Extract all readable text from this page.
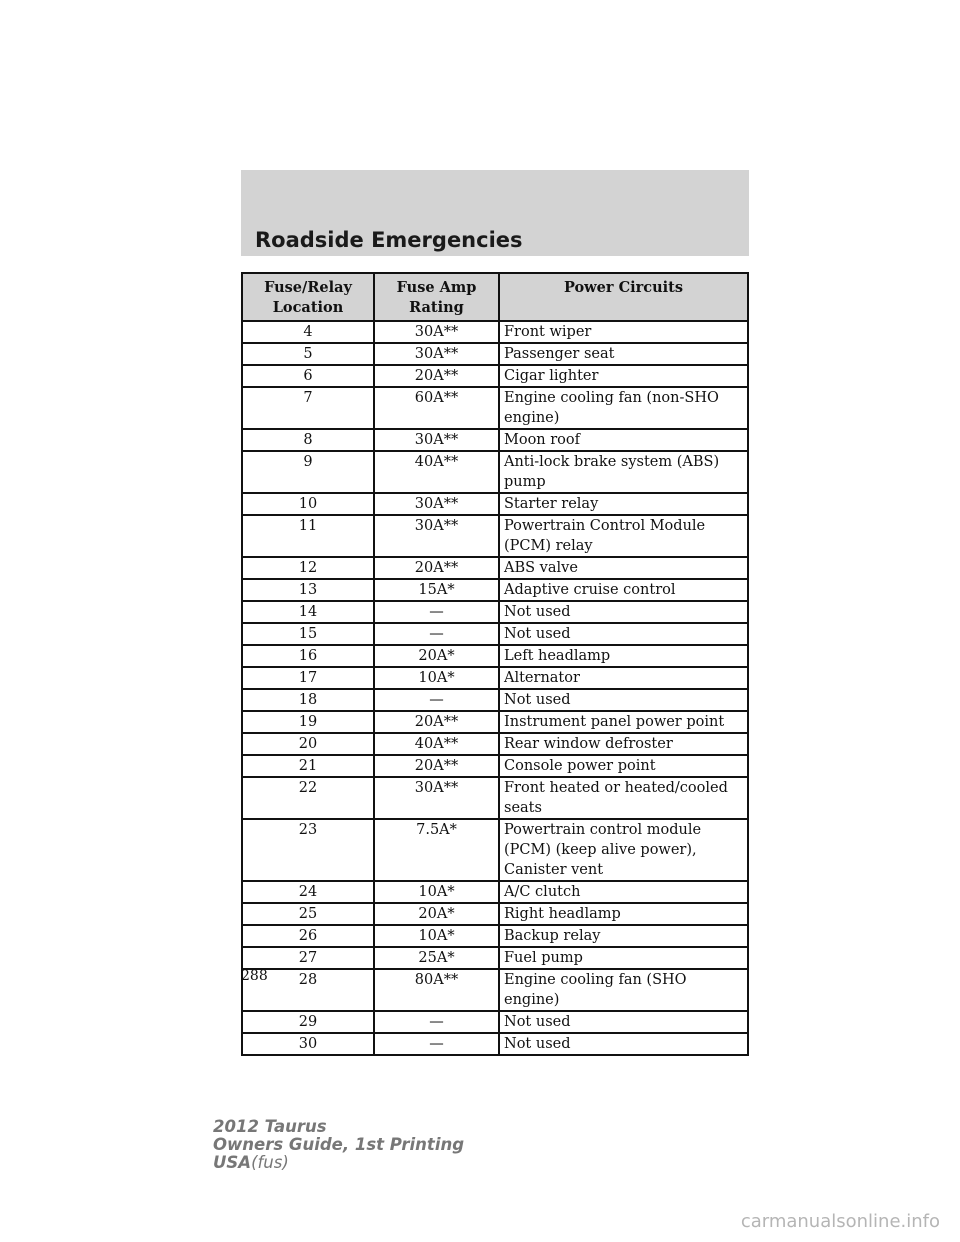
Roadside Emergencies
Fuse/Relay Location	Fuse Amp Rating	Power Circuits
4	30A**	Front wiper
5	30A**	Passenger seat
6	20A**	Cigar lighter
7	60A**	Engine cooling fan (non-SHO engine)
8	30A**	Moon roof
9	40A**	Anti-lock brake system (ABS) pump
10	30A**	Starter relay
11	30A**	Powertrain Control Module (PCM) relay
12	20A**	ABS valve
13	15A*	Adaptive cruise control
14	—	Not used
15	—	Not used
16	20A*	Left headlamp
17	10A*	Alternator
18	—	Not used
19	20A**	Instrument panel power point
20	40A**	Rear window defroster
21	20A**	Console power point
22	30A**	Front heated or heated/cooled seats
23	7.5A*	Powertrain control module (PCM) (keep alive power), Canister vent
24	10A*	A/C clutch
25	20A*	Right headlamp
26	10A*	Backup relay
27	25A*	Fuel pump
28	80A**	Engine cooling fan (SHO engine)
29	—	Not used
30	—	Not used
288
2012 Taurus
Owners Guide, 1st Printing
USA(fus)
carmanualsonline.info
